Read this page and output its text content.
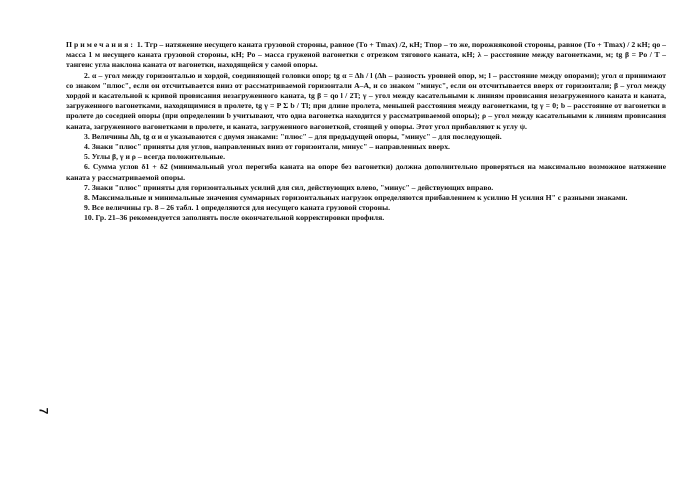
Примечания: 1. Tгр – натяжение несущего каната грузовой стороны, равное (Tо + Tmax) /2, кН; Tпор – то же, порожняковой стороны, равное (Tо + Tmax) / 2 кН; qо – масса 1 м несущего каната грузовой стороны, кН; Pо – масса груженой вагонетки с отрезком тягового каната, кН; λ – расстояние между вагонетками, м; tg β = Pо / T – тангенс угла наклона каната от вагонетки, находящейся у самой опоры.

2. α – угол между горизонталью и хордой, соединяющей головки опор; tg α = Δh / l (Δh – разность уровней опор, м; l – расстояние между опорами); угол α принимают со знаком "плюс", если он отсчитывается вниз от рассматриваемой горизонтали А–А, и со знаком "минус", если он отсчитывается вверх от горизонтали; β – угол между хордой и касательной к кривой провисания незагруженного каната, tg β = qо l / 2T; γ – угол между касательными к линиям провисания незагруженного каната и каната, загруженного вагонетками, находящимися в пролете, tg γ = P Σ b / Tl; при длине пролета, меньшей расстояния между вагонетками, tg γ = 0; b – расстояние от вагонетки в пролете до соседней опоры (при определении b учитывают, что одна вагонетка находится у рассматриваемой опоры); ρ – угол между касательными к линиям провисания каната, загруженного вагонетками в пролете, и каната, загруженного вагонеткой, стоящей у опоры. Этот угол прибавляют к углу ψ.

3. Величины Δh, tg α и α указываются с двумя знаками: "плюс" – для предыдущей опоры, "минус" – для последующей.

4. Знаки "плюс" приняты для углов, направленных вниз от горизонтали, минус" – направленных вверх.

5. Углы β, γ и ρ – всегда положительные.

6. Сумма углов δ1 + δ2 (минимальный угол перегиба каната на опоре без вагонетки) должна дополнительно проверяться на максимально возможное натяжение каната у рассматриваемой опоры.

7. Знаки "плюс" приняты для горизонтальных усилий для сил, действующих влево, "минус" – действующих вправо.

8. Максимальные и минимальные значения суммарных горизонтальных нагрузок определяются прибавлением к усилию H усилия H" с разными знаками.

9. Все величины гр. 8 – 26 табл. 1 определяются для несущего каната грузовой стороны.

10. Гр. 21–36 рекомендуется заполнять после окончательной корректировки профиля.

7
